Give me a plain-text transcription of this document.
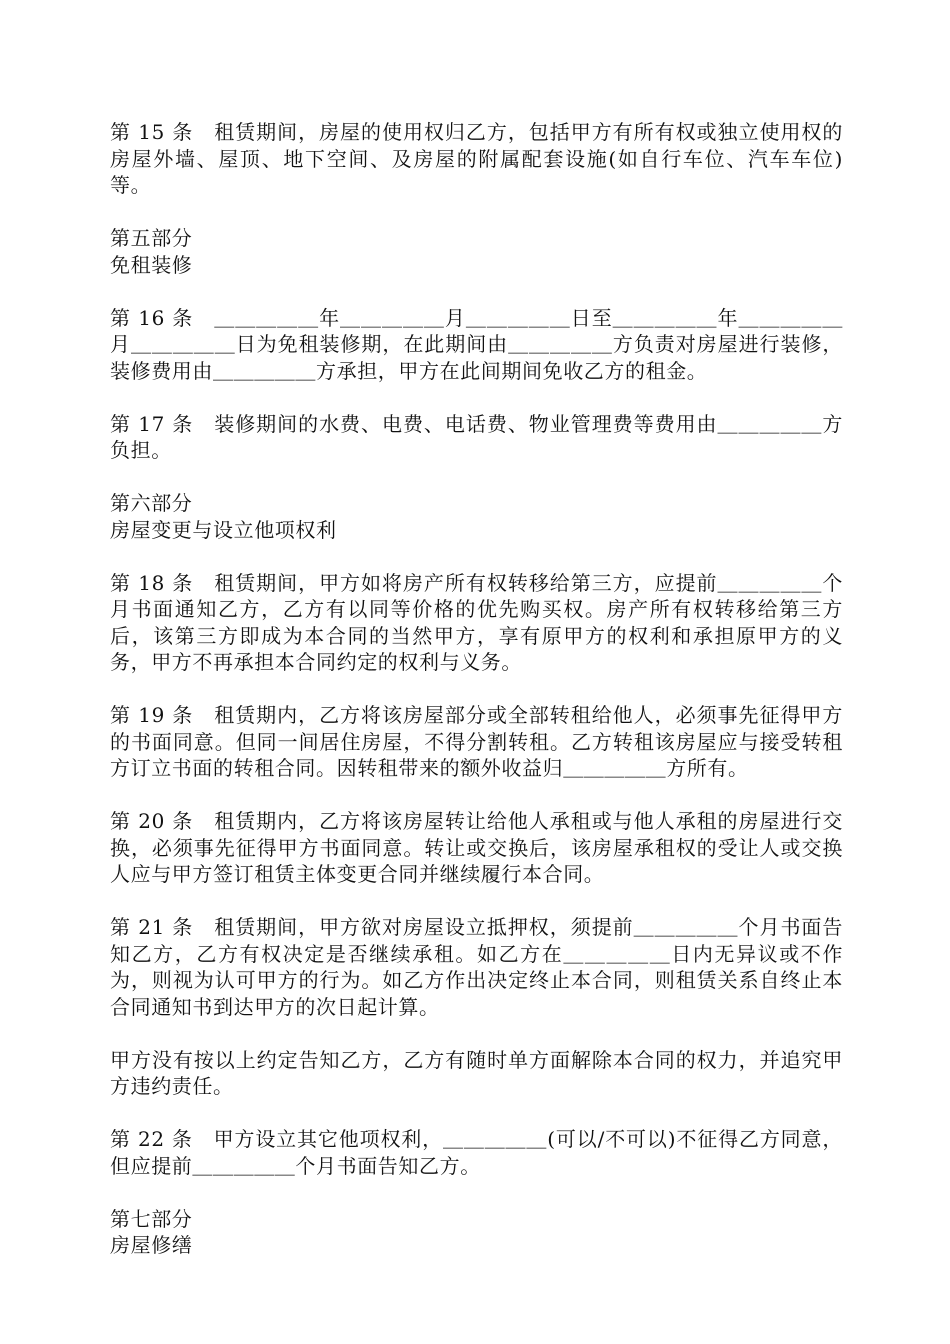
第 15 条　租赁期间，房屋的使用权归乙方，包括甲方有所有权或独立使用权的房屋外墙、屋顶、地下空间、及房屋的附属配套设施(如自行车位、汽车车位)等。

第五部分
免租装修

第 16 条　＿＿＿＿＿年＿＿＿＿＿月＿＿＿＿＿日至＿＿＿＿＿年＿＿＿＿＿月＿＿＿＿＿日为免租装修期，在此期间由＿＿＿＿＿方负责对房屋进行装修，装修费用由＿＿＿＿＿方承担，甲方在此间期间免收乙方的租金。

第 17 条　装修期间的水费、电费、电话费、物业管理费等费用由＿＿＿＿＿方负担。

第六部分
房屋变更与设立他项权利

第 18 条　租赁期间，甲方如将房产所有权转移给第三方，应提前＿＿＿＿＿个月书面通知乙方，乙方有以同等价格的优先购买权。房产所有权转移给第三方后，该第三方即成为本合同的当然甲方，享有原甲方的权利和承担原甲方的义务，甲方不再承担本合同约定的权利与义务。

第 19 条　租赁期内，乙方将该房屋部分或全部转租给他人，必须事先征得甲方的书面同意。但同一间居住房屋，不得分割转租。乙方转租该房屋应与接受转租方订立书面的转租合同。因转租带来的额外收益归＿＿＿＿＿方所有。

第 20 条　租赁期内，乙方将该房屋转让给他人承租或与他人承租的房屋进行交换，必须事先征得甲方书面同意。转让或交换后，该房屋承租权的受让人或交换人应与甲方签订租赁主体变更合同并继续履行本合同。

第 21 条　租赁期间，甲方欲对房屋设立抵押权，须提前＿＿＿＿＿个月书面告知乙方，乙方有权决定是否继续承租。如乙方在＿＿＿＿＿日内无异议或不作为，则视为认可甲方的行为。如乙方作出决定终止本合同，则租赁关系自终止本合同通知书到达甲方的次日起计算。

甲方没有按以上约定告知乙方，乙方有随时单方面解除本合同的权力，并追究甲方违约责任。

第 22 条　甲方设立其它他项权利，＿＿＿＿＿(可以/不可以)不征得乙方同意，但应提前＿＿＿＿＿个月书面告知乙方。

第七部分
房屋修缮
